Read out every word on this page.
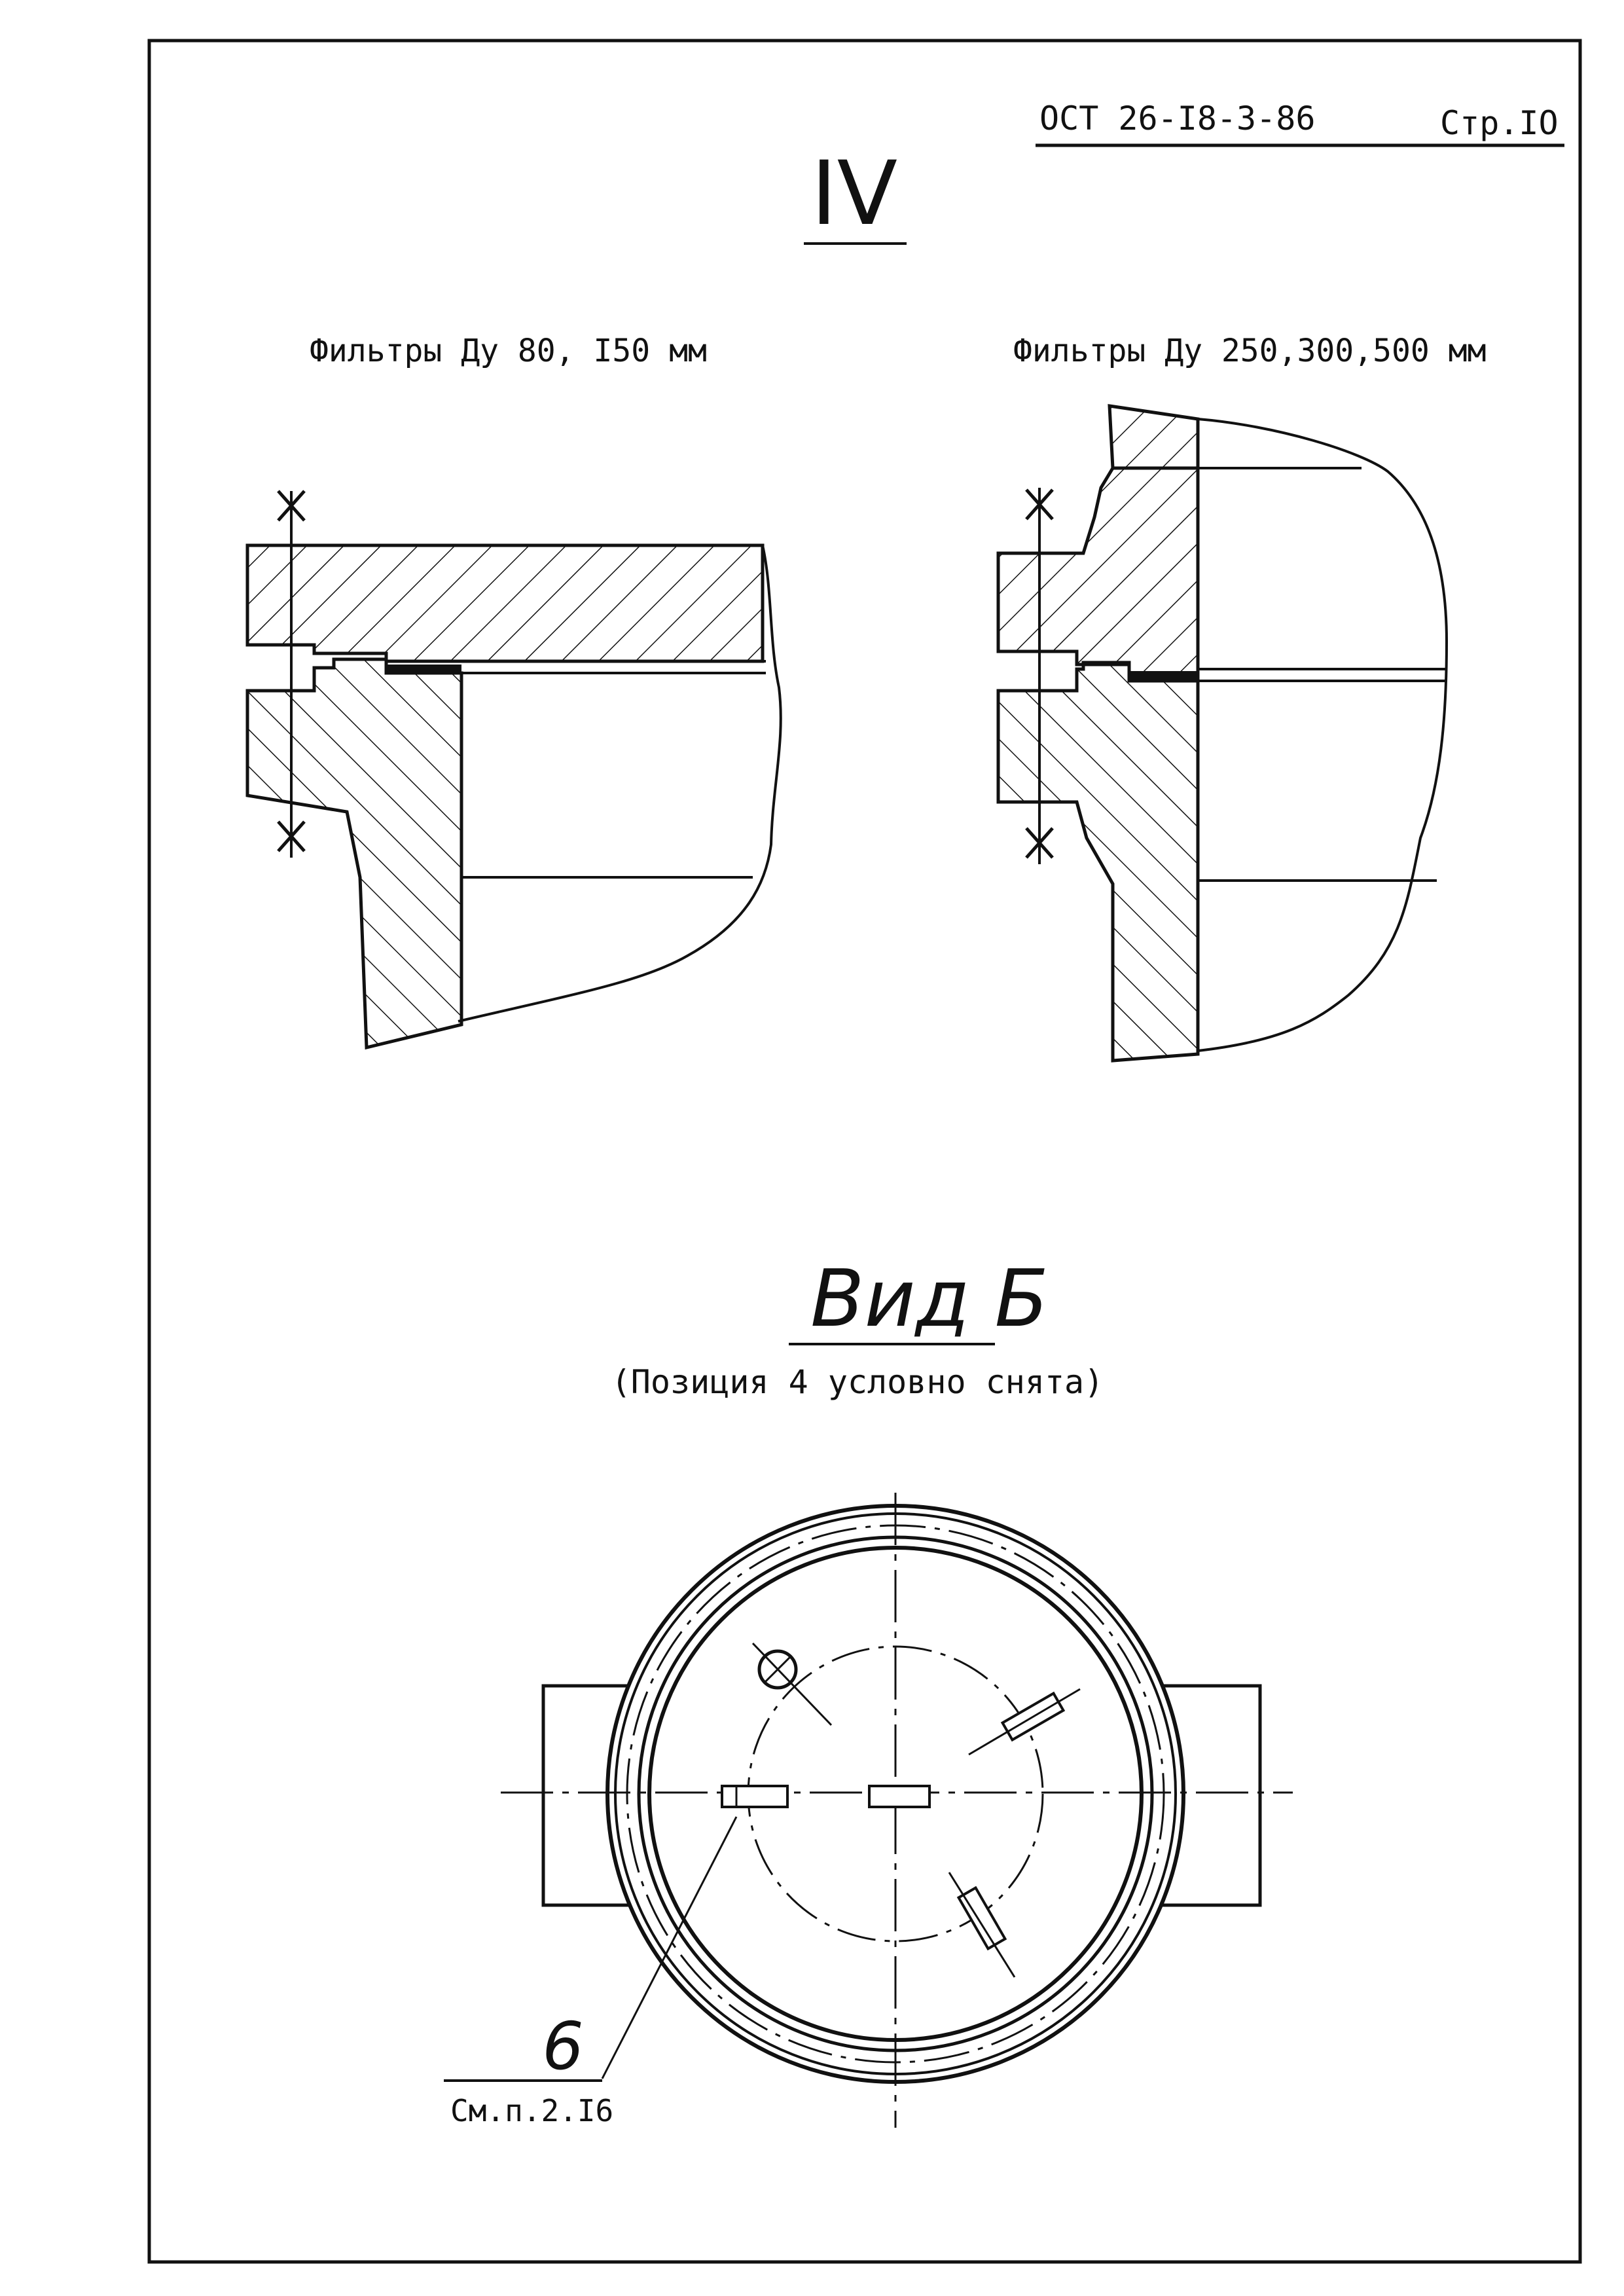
ОСТ 26-I8-3-86	Стр.IO
IV
Фильтры Ду 80, I50 мм	Фильтры Ду 250,300,500 мм
Вид Б
(Позиция 4 условно снята)
6
См.п.2.I6
